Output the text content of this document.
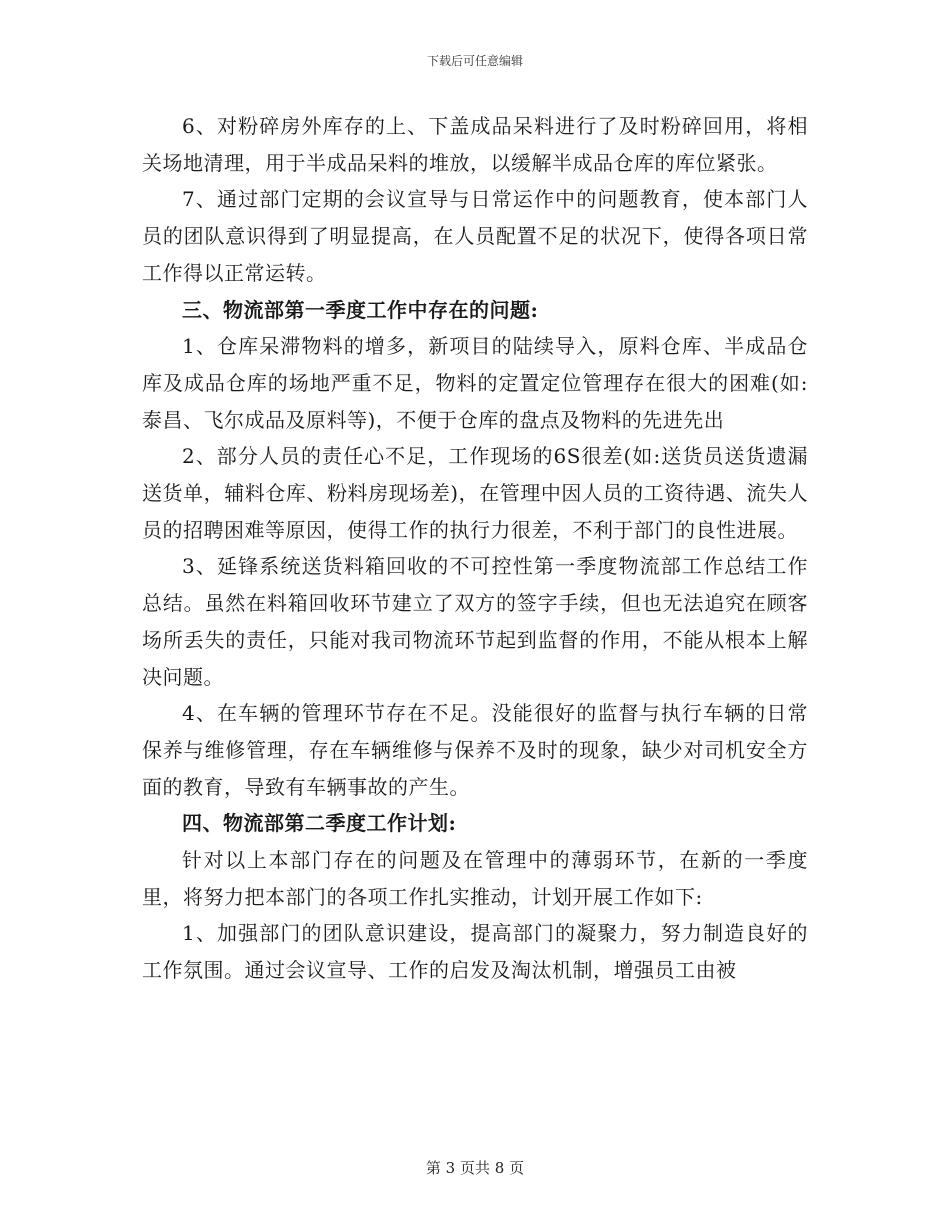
下载后可任意编辑

6、对粉碎房外库存的上、下盖成品呆料进行了及时粉碎回用，将相关场地清理，用于半成品呆料的堆放，以缓解半成品仓库的库位紧张。

7、通过部门定期的会议宣导与日常运作中的问题教育，使本部门人员的团队意识得到了明显提高，在人员配置不足的状况下，使得各项日常工作得以正常运转。

三、物流部第一季度工作中存在的问题:

1、仓库呆滞物料的增多，新项目的陆续导入，原料仓库、半成品仓库及成品仓库的场地严重不足，物料的定置定位管理存在很大的困难(如:泰昌、飞尔成品及原料等)，不便于仓库的盘点及物料的先进先出

2、部分人员的责任心不足，工作现场的6S很差(如:送货员送货遗漏送货单，辅料仓库、粉料房现场差)，在管理中因人员的工资待遇、流失人员的招聘困难等原因，使得工作的执行力很差，不利于部门的良性进展。

3、延锋系统送货料箱回收的不可控性第一季度物流部工作总结工作总结。虽然在料箱回收环节建立了双方的签字手续，但也无法追究在顾客场所丢失的责任，只能对我司物流环节起到监督的作用，不能从根本上解决问题。

4、在车辆的管理环节存在不足。没能很好的监督与执行车辆的日常保养与维修管理，存在车辆维修与保养不及时的现象，缺少对司机安全方面的教育，导致有车辆事故的产生。

四、物流部第二季度工作计划:

针对以上本部门存在的问题及在管理中的薄弱环节，在新的一季度里，将努力把本部门的各项工作扎实推动，计划开展工作如下:

1、加强部门的团队意识建设，提高部门的凝聚力，努力制造良好的工作氛围。通过会议宣导、工作的启发及淘汰机制，增强员工由被

第 3 页共 8 页
